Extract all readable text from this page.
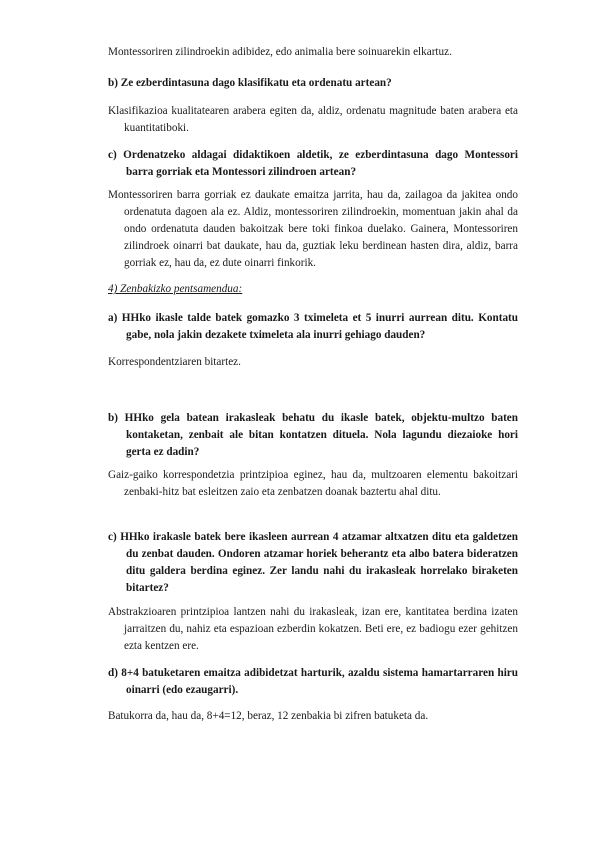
Montessoriren zilindroekin adibidez, edo animalia bere soinuarekin elkartuz.

b) Ze ezberdintasuna dago klasifikatu eta ordenatu artean?

Klasifikazioa kualitatearen arabera egiten da, aldiz, ordenatu magnitude baten arabera eta kuantitatiboki.

c) Ordenatzeko aldagai didaktikoen aldetik, ze ezberdintasuna dago Montessori barra gorriak eta Montessori zilindroen artean?

Montessoriren barra gorriak ez daukate emaitza jarrita, hau da, zailagoa da jakitea ondo ordenatuta dagoen ala ez. Aldiz, montessoriren zilindroekin, momentuan jakin ahal da ondo ordenatuta dauden bakoitzak bere toki finkoa duelako. Gainera, Montessoriren zilindroek oinarri bat daukate, hau da, guztiak leku berdinean hasten dira, aldiz, barra gorriak ez, hau da, ez dute oinarri finkorik.

4) Zenbakizko pentsamendua:

a) HHko ikasle talde batek gomazko 3 tximeleta et 5 inurri aurrean ditu. Kontatu gabe, nola jakin dezakete tximeleta ala inurri gehiago dauden?

Korrespondentziaren bitartez.

b) HHko gela batean irakasleak behatu du ikasle batek, objektu-multzo baten kontaketan, zenbait ale bitan kontatzen dituela. Nola lagundu diezaioke hori gerta ez dadin?

Gaiz-gaiko korrespondetzia printzipioa eginez, hau da, multzoaren elementu bakoitzari zenbaki-hitz bat esleitzen zaio eta zenbatzen doanak baztertu ahal ditu.

c) HHko irakasle batek bere ikasleen aurrean 4 atzamar altxatzen ditu eta galdetzen du zenbat dauden. Ondoren atzamar horiek beherantz eta albo batera bideratzen ditu galdera berdina eginez. Zer landu nahi du irakasleak horrelako biraketen bitartez?

Abstrakzioaren printzipioa lantzen nahi du irakasleak, izan ere, kantitatea berdina izaten jarraitzen du, nahiz eta espazioan ezberdin kokatzen. Beti ere, ez badiogu ezer gehitzen ezta kentzen ere.

d) 8+4 batuketaren emaitza adibidetzat harturik, azaldu sistema hamartarraren hiru oinarri (edo ezaugarri).

Batukorra da, hau da, 8+4=12, beraz, 12 zenbakia bi zifren batuketa da.
